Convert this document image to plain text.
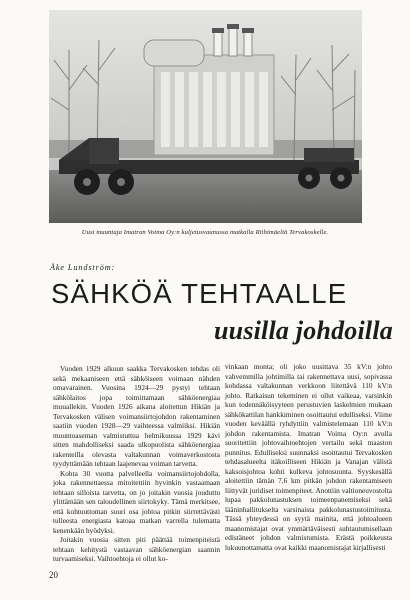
Uusi muuntaja Imatran Voima Oy:n kuljetusvaunussa matkalla Riihimäeltä Tervakoskelle.
Åke Lundström:
SÄHKÖÄ TEHTAALLE
uusilla johdoilla

Vuoden 1929 alkuun saakka Tervakosken tehdas oli sekä mekaaniseen että sähköiseen voimaan nähden omavarainen. Vuosina 1924—29 pystyi tehtaan sähkölaitos jopa toimittamaan sähköenergiaa muuallekin. Vuoden 1926 aikana aloitettun Hikiän ja Tervakosken välisen voimansiirtojohdon rakentaminen saatiin vuoden 1928—29 vaihteessa valmiiksi. Hikiän muuntoaseman valmistuttua helmikuussa 1929 kävi sitten mahdolliseksi saada ulkopuolista sähköenergiaa rakenteilla olevasta valtakunnan voimaverkostosta tyydyttämään tehtaan laajenevaa voiman tarvetta.

Kohta 30 vuotta palvelleella voimansiirtojohdolla, joka rakennettaessa mitoitettiin hyvinkin vastaamaan tehtaan silloista tarvetta, on jo joitakin vuosia jouduttu ylittämään sen taloudellinen siirtokyky. Tämä merkitsee, että kohtuuttoman suuri osa johtoa pitkin siirrettävästi tulleesta energiasta katoaa matkan varrella tulematta kenenkään hyödyksi.

Joitakin vuosia sitten piti päättää toimenpiteistä tehtaan kehitystä vastaavan sähköenergian saannin turvaamiseksi. Vaihtoehtoja ei ollut ko-

vinkaan monta; oli joko uusittava 35 kV:n johto vahvemmilla johtimilla tai rakennettava uusi, sopivassa kohdassa valtakunnan verkkoon liitettävä 110 kV:n johto. Ratkaisun tekeminen ei ollut vaikeaa, varsinkin kun todennäköisyyteen perustuvien laskelmien mukaan sähkökattilan hankkiminen osoittautui edulliseksi. Viime vuoden keväällä ryhdyttiin valmistelemaan 110 kV:n johdon rakentamista. Imatran Voima Oy:n avulla suoritettiin johtovaihtoehtojen vertailu sekä maaston punnitus. Edulliseksi suunnaksi osoittautui Tervakosken tehdasalueelta itäkoilliseen Hikiän ja Vanajan välistä kaksoisjohtoa kohti kulkeva johtosuunta. Syyskesällä aloitettiin tämän 7,6 km pitkän johdon rakentamiseen liittyvät juridiset toimenpiteet. Anottiin valtioneuvostolta lupaa pakkolunastuksen toimeenpanemiseksi sekä lääninhallitukselta varsinaista pakkolunastustoimitusta. Tässä yhteydessä on syytä mainita, että johtoalueen maanomistajat ovat ymmärtäväisesti suhtautumisellaan edistäneet johdon valmistumista. Erästä poikkeusta lukuunottamatta ovat kaikki maanomistajat kirjallisesti

20
